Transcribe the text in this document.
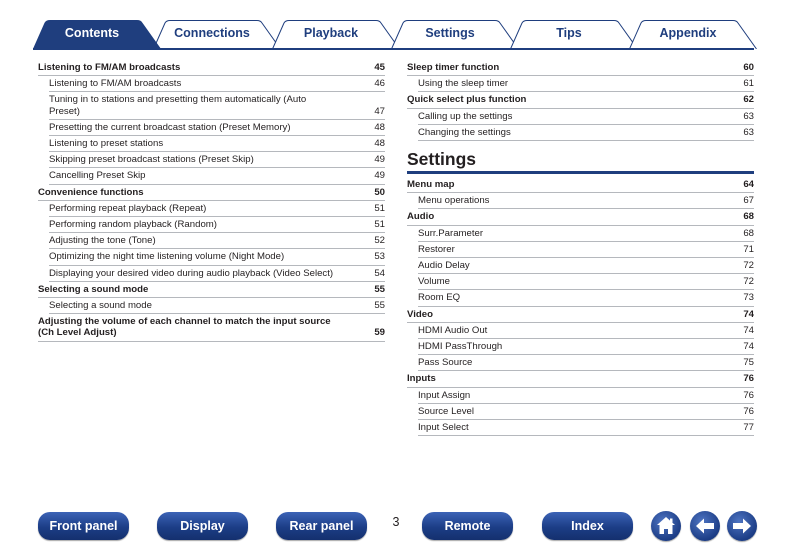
Connections	Playback	Settings	Tips	Appendix
Contents
Listening to FM/AM broadcasts	45
Listening to FM/AM broadcasts	46
Tuning in to stations and presetting them automatically (Auto Preset)	47
Presetting the current broadcast station (Preset Memory)	48
Listening to preset stations	48
Skipping preset broadcast stations (Preset Skip)	49
Cancelling Preset Skip	49
Convenience functions	50
Performing repeat playback (Repeat)	51
Performing random playback (Random)	51
Adjusting the tone (Tone)	52
Optimizing the night time listening volume (Night Mode)	53
Displaying your desired video during audio playback (Video Select)	54
Selecting a sound mode	55
Selecting a sound mode	55
Adjusting the volume of each channel to match the input source (Ch Level Adjust)	59
Sleep timer function	60
Using the sleep timer	61
Quick select plus function	62
Calling up the settings	63
Changing the settings	63
Settings
Menu map	64
Menu operations	67
Audio	68
Surr.Parameter	68
Restorer	71
Audio Delay	72
Volume	72
Room EQ	73
Video	74
HDMI Audio Out	74
HDMI PassThrough	74
Pass Source	75
Inputs	76
Input Assign	76
Source Level	76
Input Select	77
Front panel	Display	Rear panel	3	Remote	Index
